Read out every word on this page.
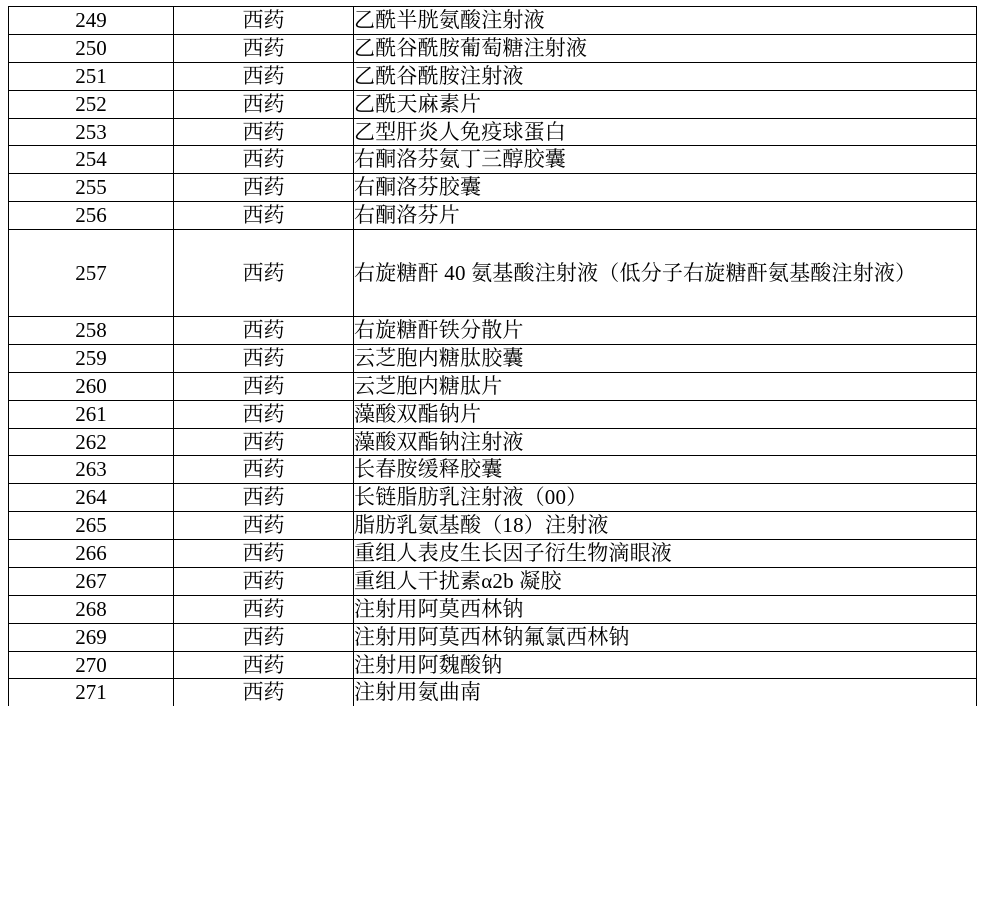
249	西药	乙酰半胱氨酸注射液
250	西药	乙酰谷酰胺葡萄糖注射液
251	西药	乙酰谷酰胺注射液
252	西药	乙酰天麻素片
253	西药	乙型肝炎人免疫球蛋白
254	西药	右酮洛芬氨丁三醇胶囊
255	西药	右酮洛芬胶囊
256	西药	右酮洛芬片
257	西药	右旋糖酐 40 氨基酸注射液（低分子右旋糖酐氨基酸注射液）
258	西药	右旋糖酐铁分散片
259	西药	云芝胞内糖肽胶囊
260	西药	云芝胞内糖肽片
261	西药	藻酸双酯钠片
262	西药	藻酸双酯钠注射液
263	西药	长春胺缓释胶囊
264	西药	长链脂肪乳注射液（00）
265	西药	脂肪乳氨基酸（18）注射液
266	西药	重组人表皮生长因子衍生物滴眼液
267	西药	重组人干扰素α2b 凝胶
268	西药	注射用阿莫西林钠
269	西药	注射用阿莫西林钠氟氯西林钠
270	西药	注射用阿魏酸钠
271	西药	注射用氨曲南
